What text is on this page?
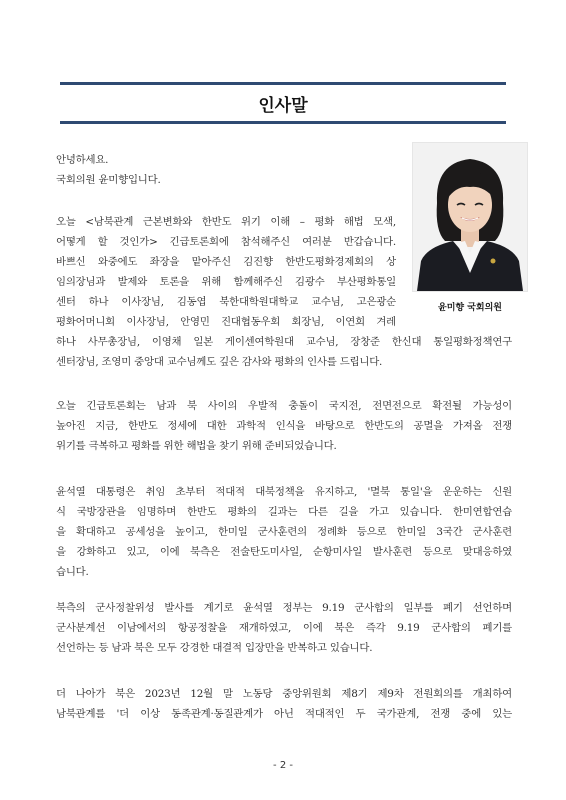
인사말
윤미향 국회의원
안녕하세요.
국회의원 윤미향입니다.
오늘 <남북관계 근본변화와 한반도 위기 이해 – 평화 해법 모색,
어떻게 할 것인가> 긴급토론회에 참석해주신 여러분 반갑습니다.
바쁘신 와중에도 좌장을 맡아주신 김진향 한반도평화경제회의 상
임의장님과 발제와 토론을 위해 함께해주신 김광수 부산평화통일
센터 하나 이사장님, 김동엽 북한대학원대학교 교수님, 고은광순
평화어머니회 이사장님, 안영민 진대협동우회 회장님, 이연희 겨레
하나 사무총장님, 이영채 일본 게이센여학원대 교수님, 장창준 한신대 통일평화정책연구
센터장님, 조영미 중앙대 교수님께도 깊은 감사와 평화의 인사를 드립니다.
오늘 긴급토론회는 남과 북 사이의 우발적 충돌이 국지전, 전면전으로 확전될 가능성이
높아진 지금, 한반도 정세에 대한 과학적 인식을 바탕으로 한반도의 공멸을 가져올 전쟁
위기를 극복하고 평화를 위한 해법을 찾기 위해 준비되었습니다.
윤석열 대통령은 취임 초부터 적대적 대북정책을 유지하고, '멸북 통일'을 운운하는 신원
식 국방장관을 임명하며 한반도 평화의 길과는 다른 길을 가고 있습니다. 한미연합연습
을 확대하고 공세성을 높이고, 한미일 군사훈련의 정례화 등으로 한미일 3국간 군사훈련
을 강화하고 있고, 이에 북측은 전술탄도미사일, 순항미사일 발사훈련 등으로 맞대응하였
습니다.
북측의 군사정찰위성 발사를 계기로 윤석열 정부는 9.19 군사합의 일부를 폐기 선언하며
군사분계선 이남에서의 항공정찰을 재개하였고, 이에 북은 즉각 9.19 군사합의 폐기를
선언하는 등 남과 북은 모두 강경한 대결적 입장만을 반복하고 있습니다.
더 나아가 북은 2023년 12월 말 노동당 중앙위원회 제8기 제9차 전원회의를 개최하여
남북관계를 '더 이상 동족관계·동질관계가 아닌 적대적인 두 국가관계, 전쟁 중에 있는
- 2 -
